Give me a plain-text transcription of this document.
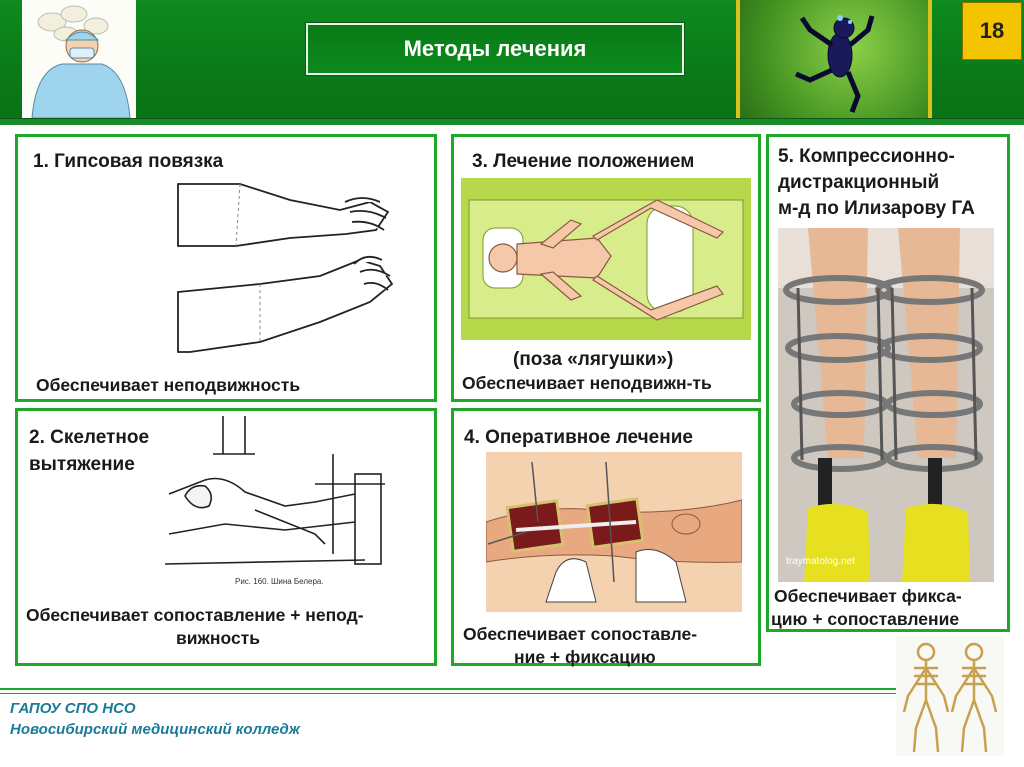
Методы лечения
18
1. Гипсовая повязка
Обеспечивает неподвижность
2. Скелетное
вытяжение
Рис. 160. Шина Белера.
Обеспечивает сопоставление + непод-
вижность
3. Лечение положением
(поза «лягушки»)
Обеспечивает неподвижн-ть
4. Оперативное лечение
Обеспечивает сопоставле-
ние + фиксацию
5. Компрессионно-
дистракционный
м-д по Илизарову ГА
traymatolog.net
Обеспечивает фикса-
цию + сопоставление
ГАПОУ СПО НСО
Новосибирский медицинский колледж
